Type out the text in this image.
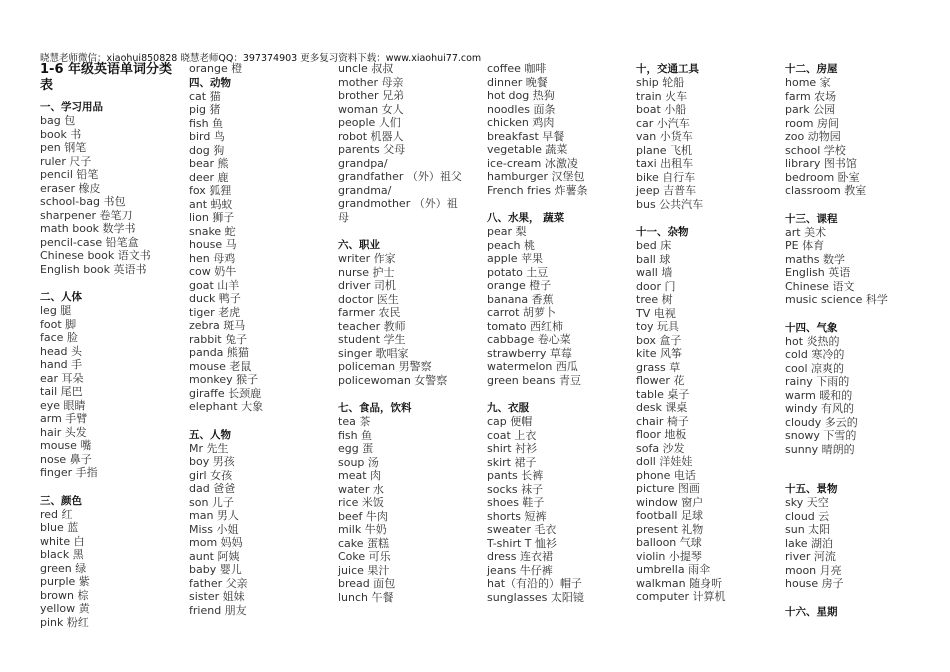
晓慧老师微信：xiaohui850828 晓慧老师QQ：397374903 更多复习资料下载：www.xiaohui77.com
1-6 年级英语单词分类表
一、学习用品
bag 包
book 书
pen 钢笔
ruler 尺子
pencil 铅笔
eraser 橡皮
school-bag 书包
sharpener 卷笔刀
math book 数学书
pencil-case 铅笔盒
Chinese book 语文书
English book 英语书
二、人体
leg 腿
foot 脚
face 脸
head 头
hand 手
ear 耳朵
tail 尾巴
eye 眼睛
arm 手臂
hair 头发
mouse 嘴
nose 鼻子
finger 手指
三、颜色
red 红
blue 蓝
white 白
black 黑
green 绿
purple 紫
brown 棕
yellow 黄
pink 粉红
orange 橙
四、动物
cat 猫
pig 猪
fish 鱼
bird 鸟
dog 狗
bear 熊
deer 鹿
fox 狐狸
ant 蚂蚁
lion 狮子
snake 蛇
house 马
hen 母鸡
cow 奶牛
goat 山羊
duck 鸭子
tiger 老虎
zebra 斑马
rabbit 兔子
panda 熊猫
mouse 老鼠
monkey 猴子
giraffe 长颈鹿
elephant 大象
五、人物
Mr 先生
boy 男孩
girl 女孩
dad 爸爸
son 儿子
man 男人
Miss 小姐
mom 妈妈
aunt 阿姨
baby 婴儿
father 父亲
sister 姐妹
friend 朋友
uncle 叔叔
mother 母亲
brother 兄弟
woman 女人
people 人们
robot 机器人
parents 父母
grandpa/
grandfather （外）祖父
grandma/
grandmother （外）祖母
六、职业
writer 作家
nurse 护士
driver 司机
doctor 医生
farmer 农民
teacher 教师
student 学生
singer 歌唱家
policeman 男警察
policewoman 女警察
七、食品，饮料
tea 茶
fish 鱼
egg 蛋
soup 汤
meat 肉
water 水
rice 米饭
beef 牛肉
milk 牛奶
cake 蛋糕
Coke 可乐
juice 果汁
bread 面包
lunch 午餐
coffee 咖啡
dinner 晚餐
hot dog 热狗
noodles 面条
chicken 鸡肉
breakfast 早餐
vegetable 蔬菜
ice-cream 冰激凌
hamburger 汉堡包
French fries 炸薯条
八、水果， 蔬菜
pear 梨
peach 桃
apple 苹果
potato 土豆
orange 橙子
banana 香蕉
carrot 胡萝卜
tomato 西红柿
cabbage 卷心菜
strawberry 草莓
watermelon 西瓜
green beans 青豆
九、衣服
cap 便帽
coat 上衣
shirt 衬衫
skirt 裙子
pants 长裤
socks 袜子
shoes 鞋子
shorts 短裤
sweater 毛衣
T-shirt T 恤衫
dress 连衣裙
jeans 牛仔裤
hat（有沿的）帽子
sunglasses 太阳镜
十，交通工具
ship 轮船
train 火车
boat 小船
car 小汽车
van 小货车
plane 飞机
taxi 出租车
bike 自行车
jeep 吉普车
bus 公共汽车
十一、杂物
bed 床
ball 球
wall 墙
door 门
tree 树
TV 电视
toy 玩具
box 盒子
kite 风筝
grass 草
flower 花
table 桌子
desk 课桌
chair 椅子
floor 地板
sofa 沙发
doll 洋娃娃
phone 电话
picture 图画
window 窗户
football 足球
present 礼物
balloon 气球
violin 小提琴
umbrella 雨伞
walkman 随身听
computer 计算机
十二、房屋
home 家
farm 农场
park 公园
room 房间
zoo 动物园
school 学校
library 图书馆
bedroom 卧室
classroom 教室
十三、课程
art 美术
PE 体育
maths 数学
English 英语
Chinese 语文
music science 科学
十四、气象
hot 炎热的
cold 寒冷的
cool 凉爽的
rainy 下雨的
warm 暖和的
windy 有风的
cloudy 多云的
snowy 下雪的
sunny 晴朗的
十五、景物
sky 天空
cloud 云
sun 太阳
lake 湖泊
river 河流
moon 月亮
house 房子
十六、星期
